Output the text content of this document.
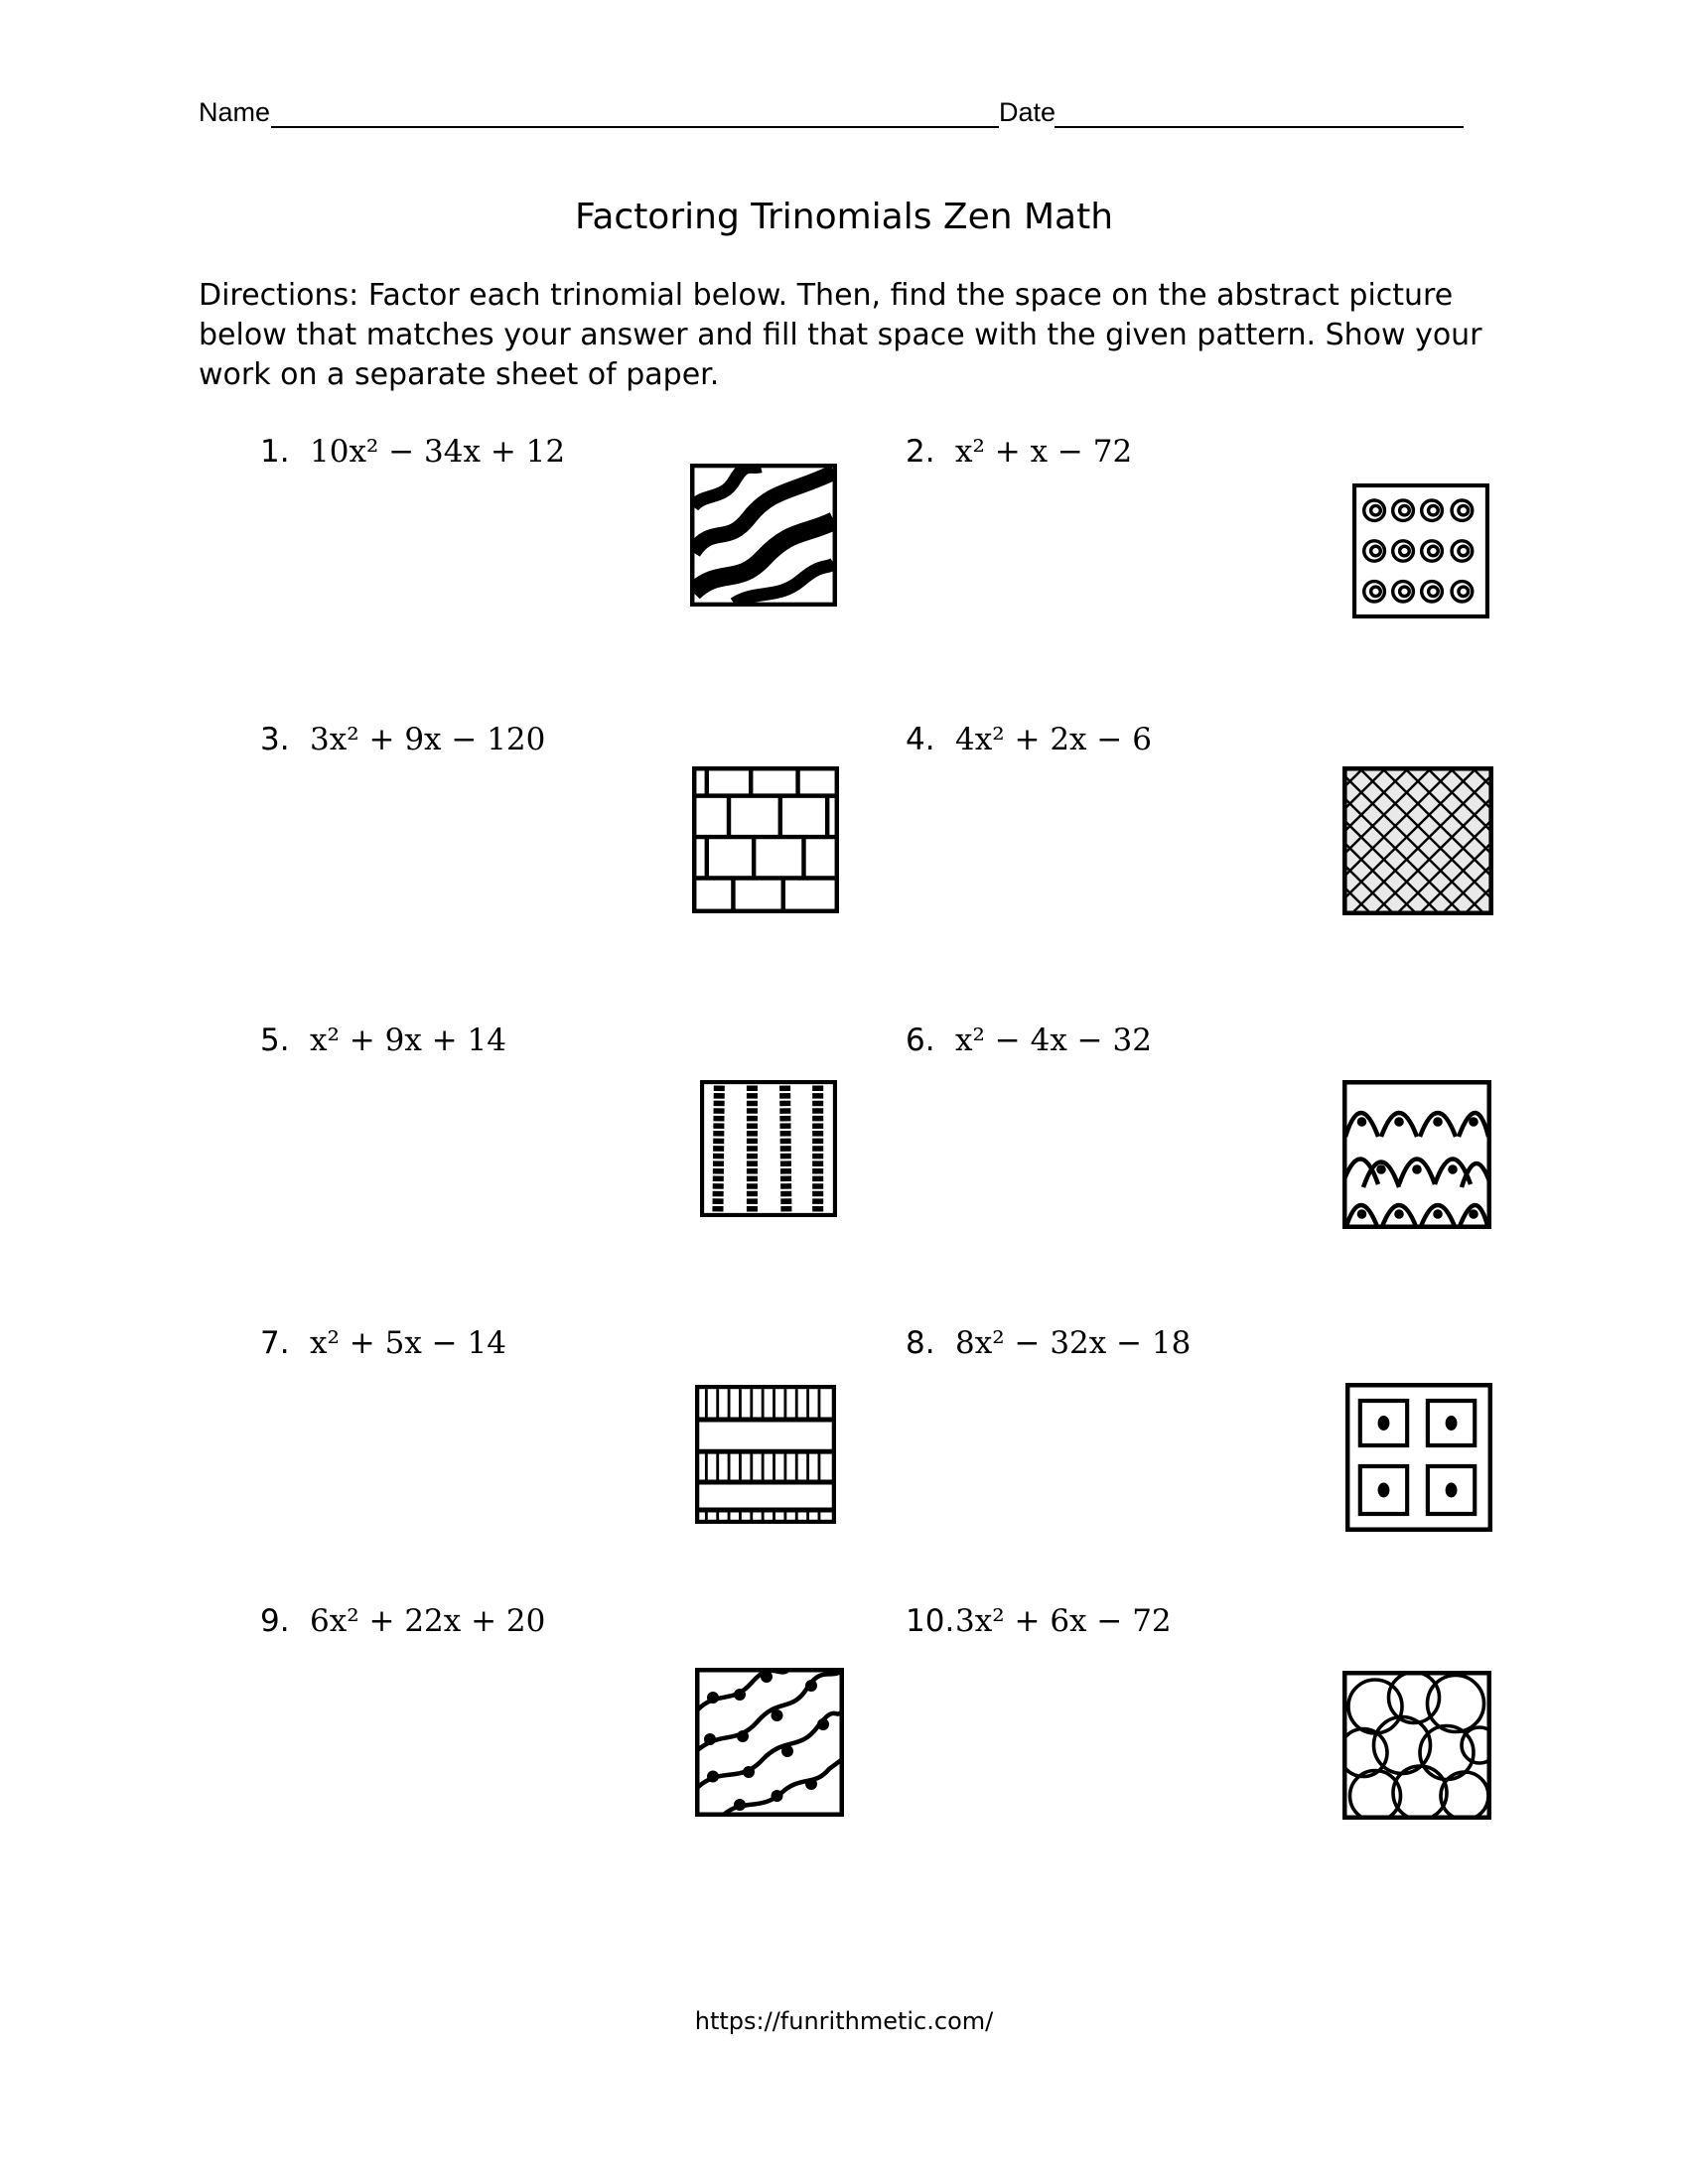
Name	Date
Factoring Trinomials Zen Math
Directions: Factor each trinomial below. Then, find the space on the abstract picture below that matches your answer and fill that space with the given pattern. Show your work on a separate sheet of paper.
1. 10x² − 34x + 12	2. x² + x − 72
3. 3x² + 9x − 120	4. 4x² + 2x − 6
5. x² + 9x + 14	6. x² − 4x − 32
7. x² + 5x − 14	8. 8x² − 32x − 18
9. 6x² + 22x + 20	10.3x² + 6x − 72
https://funrithmetic.com/
